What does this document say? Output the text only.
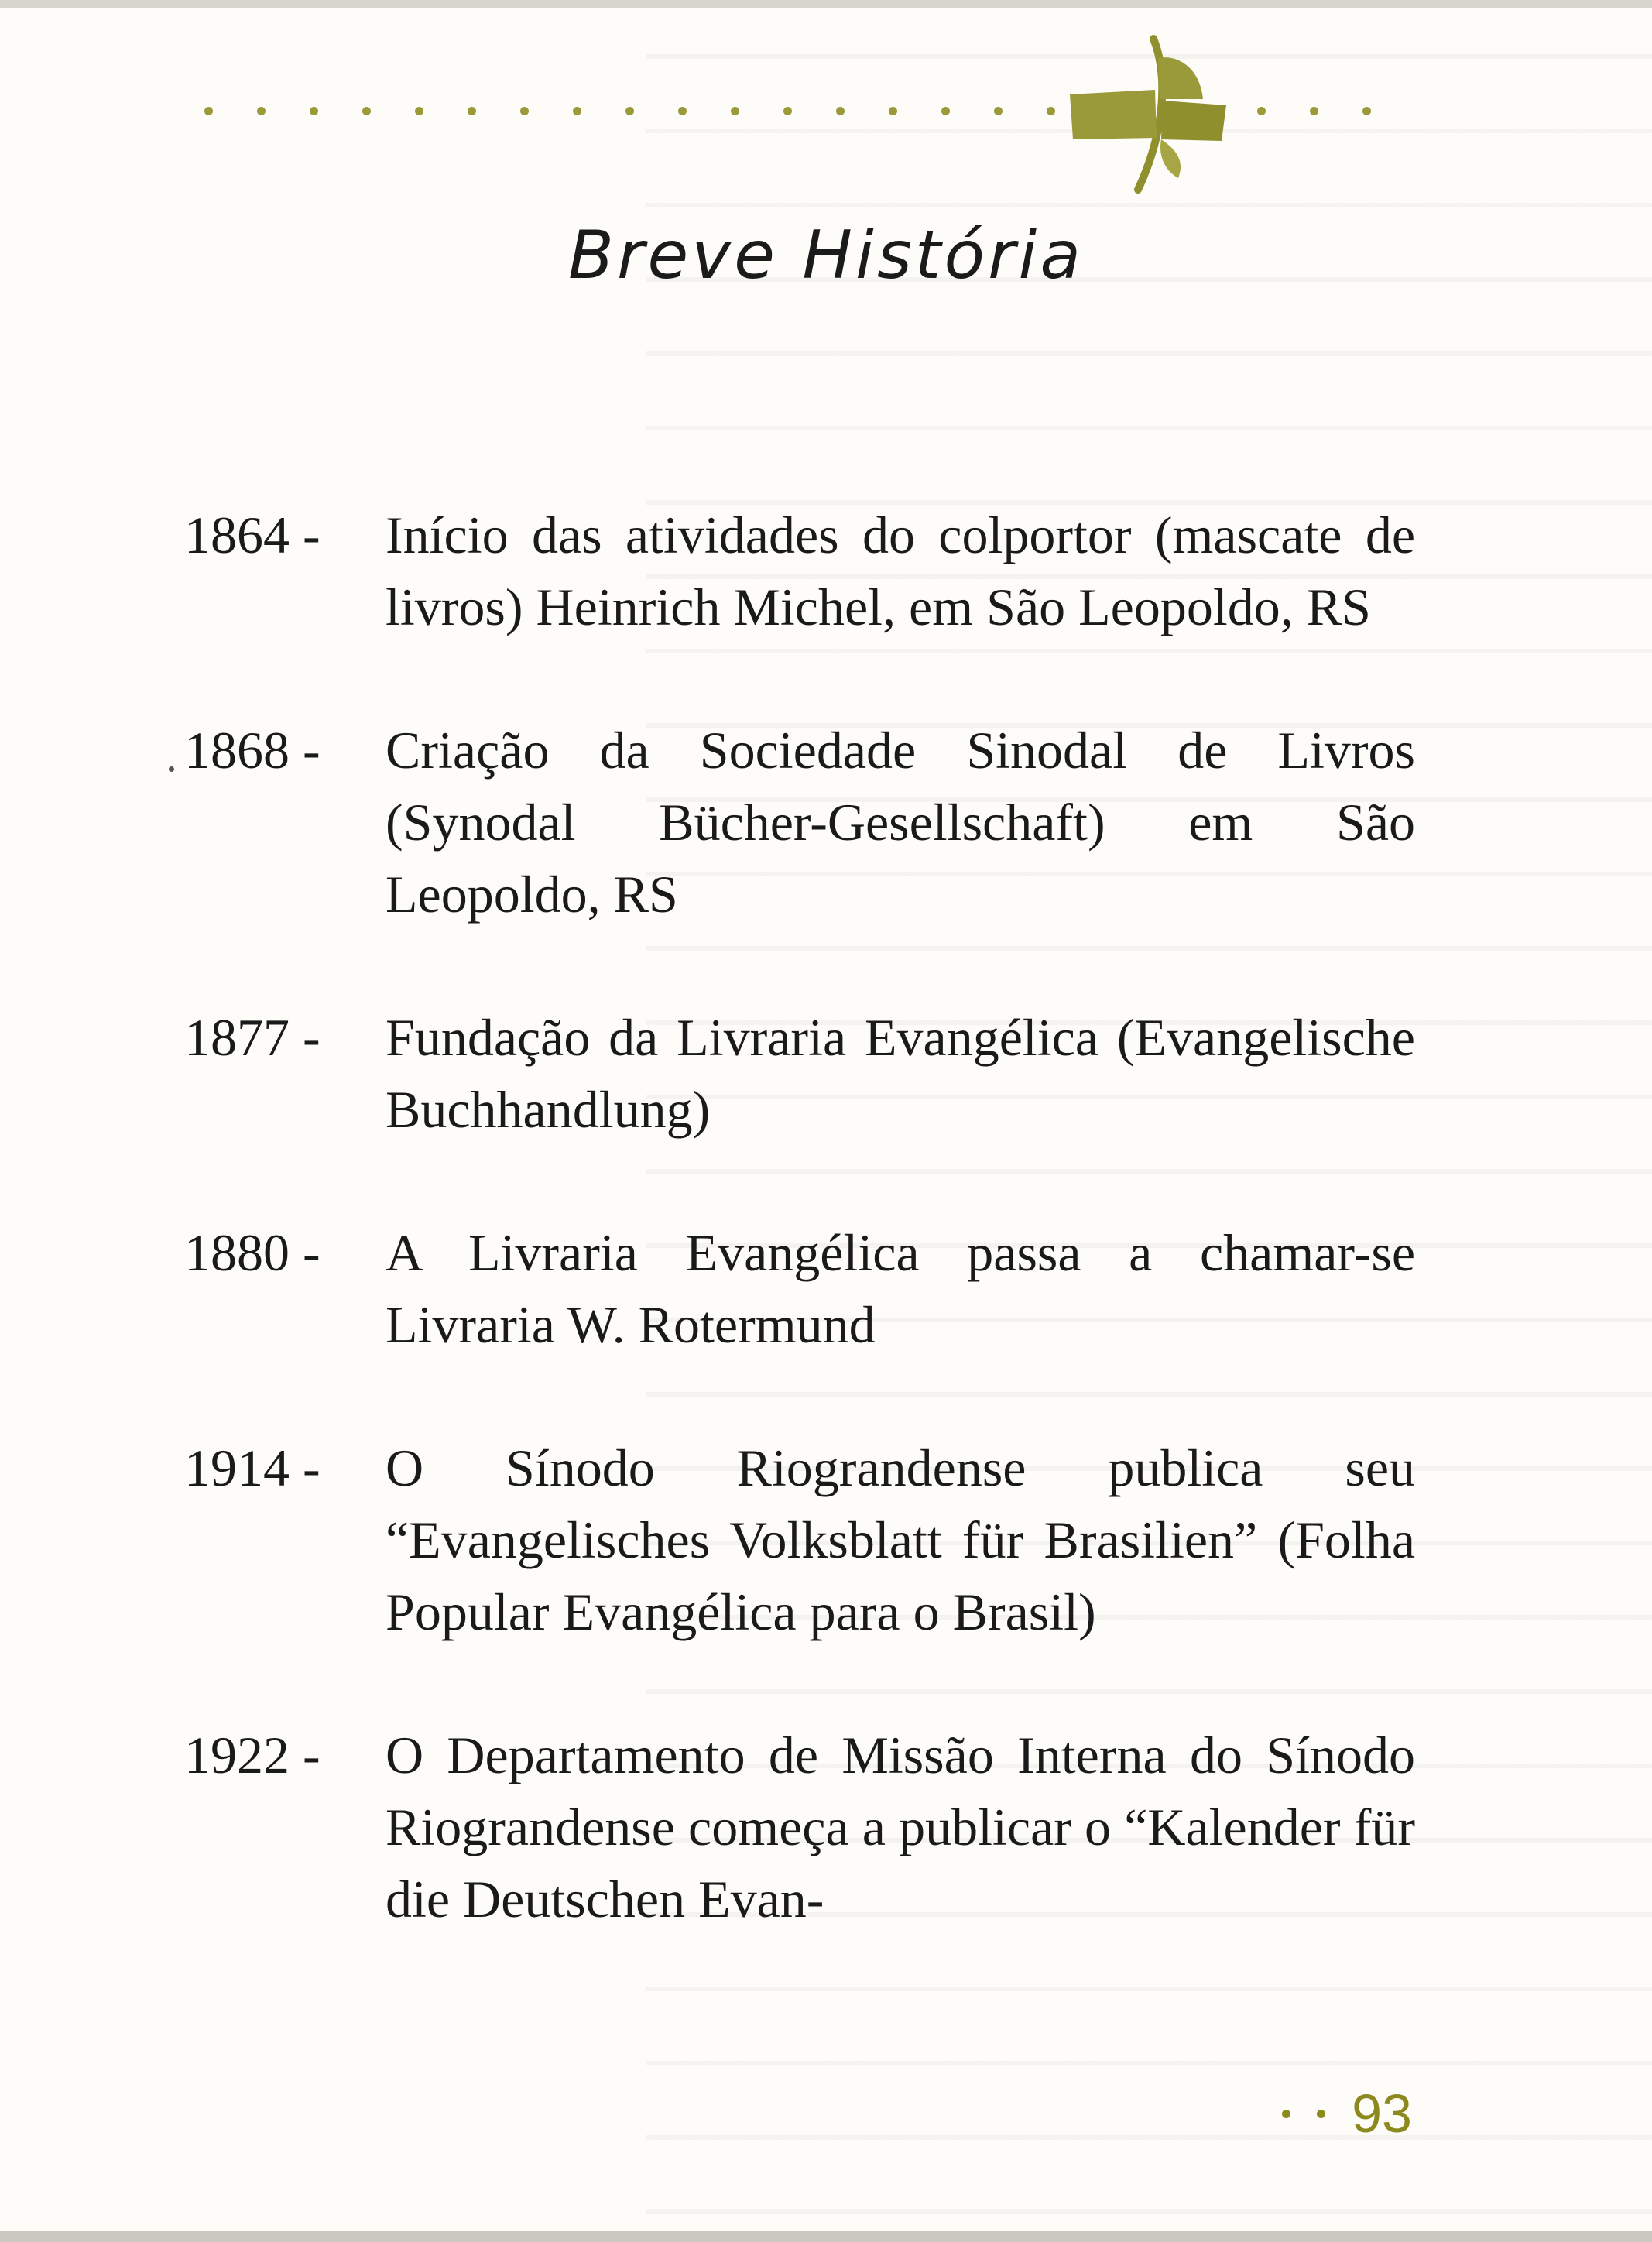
Breve História
1864 -	Início das atividades do colportor (mascate de livros) Heinrich Michel, em São Leopoldo, RS
1868 -	Criação da Sociedade Sinodal de Livros (Synodal Bücher-Gesellschaft) em São Leopoldo, RS
1877 -	Fundação da Livraria Evangélica (Evangelische Buchhandlung)
1880 -	A Livraria Evangélica passa a chamar-se Livraria W. Rotermund
1914 -	O Sínodo Riograndense publica seu “Evangelisches Volksblatt für Brasilien” (Folha Popular Evangélica para o Brasil)
1922 -	O Departamento de Missão Interna do Sínodo Riograndense começa a publicar o “Kalender für die Deutschen Evan-
93
